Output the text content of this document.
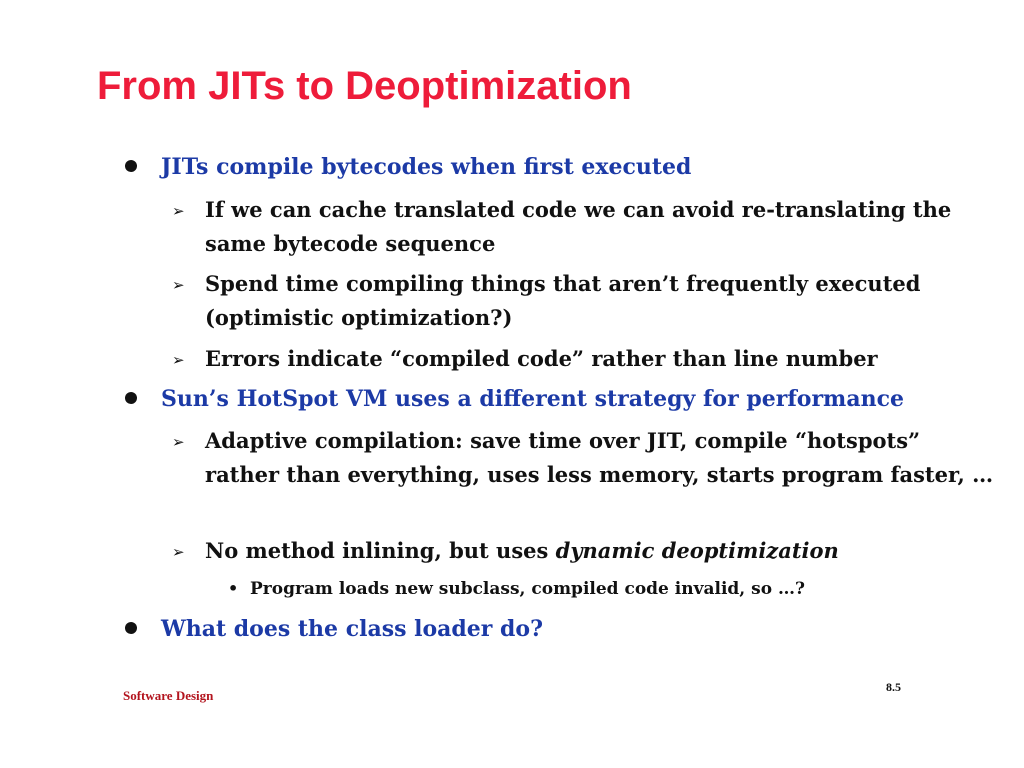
From JITs to Deoptimization
JITs compile bytecodes when first executed
➢ If we can cache translated code we can avoid re-translating the same bytecode sequence
➢ Spend time compiling things that aren’t frequently executed (optimistic optimization?)
➢ Errors indicate “compiled code” rather than line number
Sun’s HotSpot VM uses a different strategy for performance
➢ Adaptive compilation: save time over JIT, compile “hotspots” rather than everything, uses less memory, starts program faster, …
➢ No method inlining, but uses dynamic deoptimization
• Program loads new subclass, compiled code invalid, so …?
What does the class loader do?
Software Design
8.5
